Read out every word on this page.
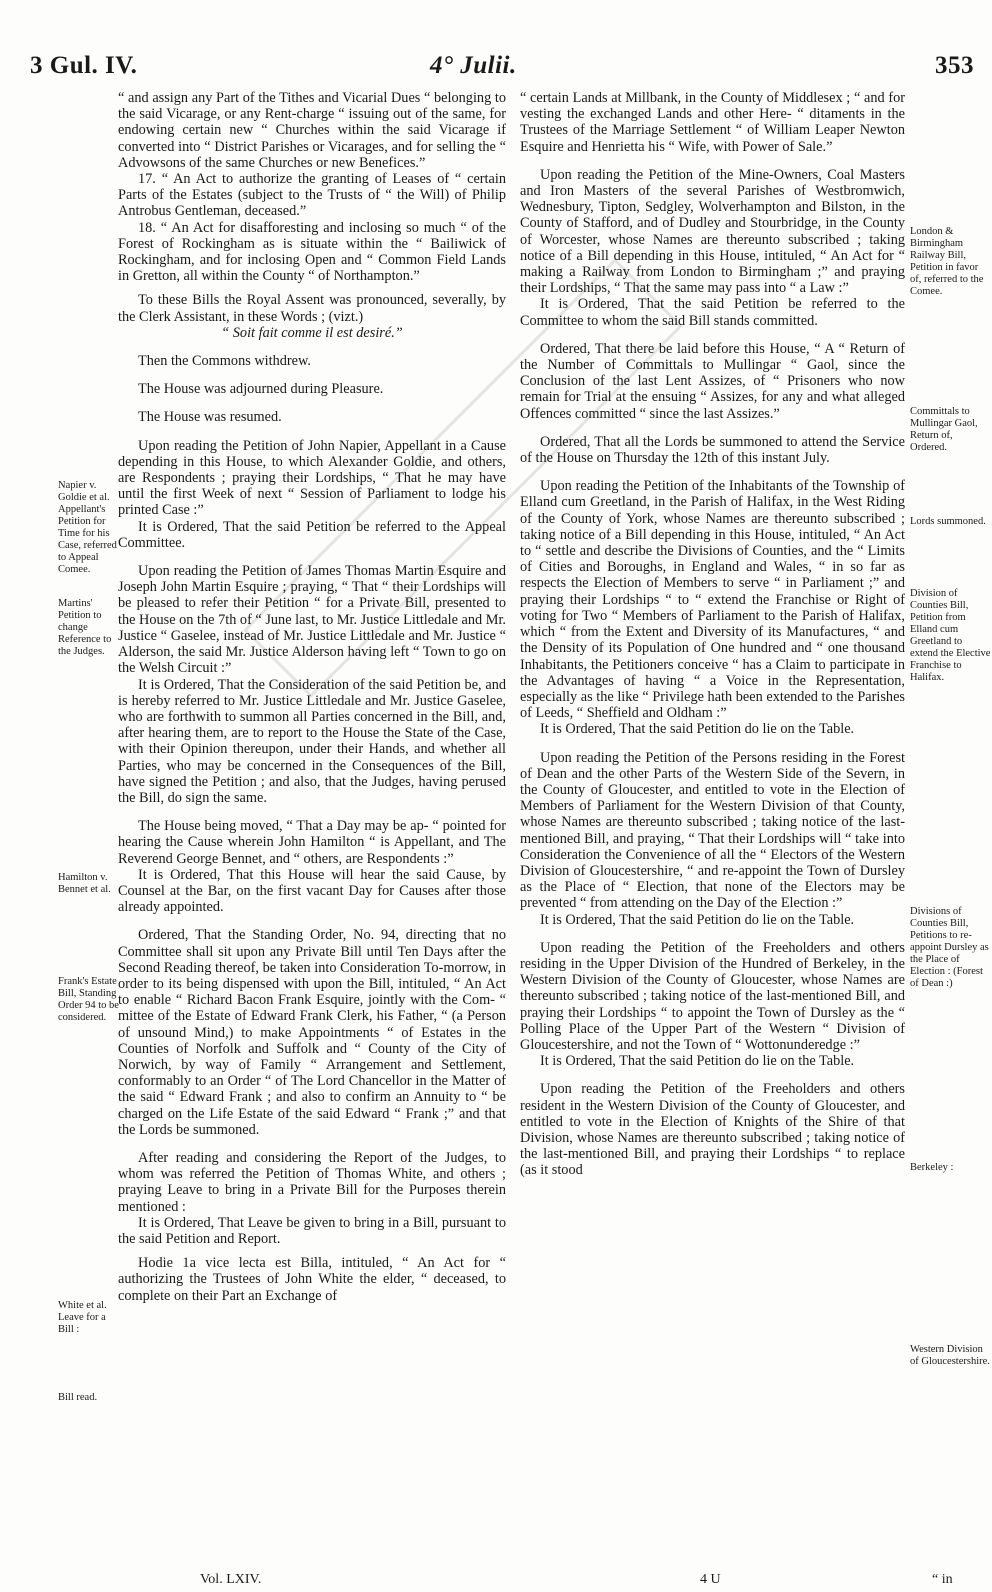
3 Gul. IV.	4° Julii.	353

“ and assign any Part of the Tithes and Vicarial Dues “ belonging to the said Vicarage, or any Rent-charge “ issuing out of the same, for endowing certain new “ Churches within the said Vicarage if converted into “ District Parishes or Vicarages, and for selling the “ Advowsons of the same Churches or new Benefices.”

17. “ An Act to authorize the granting of Leases of “ certain Parts of the Estates (subject to the Trusts of “ the Will) of Philip Antrobus Gentleman, deceased.”

18. “ An Act for disafforesting and inclosing so much “ of the Forest of Rockingham as is situate within the “ Bailiwick of Rockingham, and for inclosing Open and “ Common Field Lands in Gretton, all within the County “ of Northampton.”

To these Bills the Royal Assent was pronounced, severally, by the Clerk Assistant, in these Words ; (vizt.)

“ Soit fait comme il est desiré.”

Then the Commons withdrew.

The House was adjourned during Pleasure.

The House was resumed.

Upon reading the Petition of John Napier, Appellant in a Cause depending in this House, to which Alexander Goldie, and others, are Respondents ; praying their Lordships, “ That he may have until the first Week of next “ Session of Parliament to lodge his printed Case :”

It is Ordered, That the said Petition be referred to the Appeal Committee.

Upon reading the Petition of James Thomas Martin Esquire and Joseph John Martin Esquire ; praying, “ That “ their Lordships will be pleased to refer their Petition “ for a Private Bill, presented to the House on the 7th of “ June last, to Mr. Justice Littledale and Mr. Justice “ Gaselee, instead of Mr. Justice Littledale and Mr. Justice “ Alderson, the said Mr. Justice Alderson having left “ Town to go on the Welsh Circuit :”

It is Ordered, That the Consideration of the said Petition be, and is hereby referred to Mr. Justice Littledale and Mr. Justice Gaselee, who are forthwith to summon all Parties concerned in the Bill, and, after hearing them, are to report to the House the State of the Case, with their Opinion thereupon, under their Hands, and whether all Parties, who may be concerned in the Consequences of the Bill, have signed the Petition ; and also, that the Judges, having perused the Bill, do sign the same.

The House being moved, “ That a Day may be ap- “ pointed for hearing the Cause wherein John Hamilton “ is Appellant, and The Reverend George Bennet, and “ others, are Respondents :”

It is Ordered, That this House will hear the said Cause, by Counsel at the Bar, on the first vacant Day for Causes after those already appointed.

Ordered, That the Standing Order, No. 94, directing that no Committee shall sit upon any Private Bill until Ten Days after the Second Reading thereof, be taken into Consideration To-morrow, in order to its being dispensed with upon the Bill, intituled, “ An Act to enable “ Richard Bacon Frank Esquire, jointly with the Com- “ mittee of the Estate of Edward Frank Clerk, his Father, “ (a Person of unsound Mind,) to make Appointments “ of Estates in the Counties of Norfolk and Suffolk and “ County of the City of Norwich, by way of Family “ Arrangement and Settlement, conformably to an Order “ of The Lord Chancellor in the Matter of the said “ Edward Frank ; and also to confirm an Annuity to “ be charged on the Life Estate of the said Edward “ Frank ;” and that the Lords be summoned.

After reading and considering the Report of the Judges, to whom was referred the Petition of Thomas White, and others ; praying Leave to bring in a Private Bill for the Purposes therein mentioned :

It is Ordered, That Leave be given to bring in a Bill, pursuant to the said Petition and Report.

Hodie 1a vice lecta est Billa, intituled, “ An Act for “ authorizing the Trustees of John White the elder, “ deceased, to complete on their Part an Exchange of

“ certain Lands at Millbank, in the County of Middlesex ; “ and for vesting the exchanged Lands and other Here- “ ditaments in the Trustees of the Marriage Settlement “ of William Leaper Newton Esquire and Henrietta his “ Wife, with Power of Sale.”

Upon reading the Petition of the Mine-Owners, Coal Masters and Iron Masters of the several Parishes of Westbromwich, Wednesbury, Tipton, Sedgley, Wolverhampton and Bilston, in the County of Stafford, and of Dudley and Stourbridge, in the County of Worcester, whose Names are thereunto subscribed ; taking notice of a Bill depending in this House, intituled, “ An Act for “ making a Railway from London to Birmingham ;” and praying their Lordships, “ That the same may pass into “ a Law :”

It is Ordered, That the said Petition be referred to the Committee to whom the said Bill stands committed.

Ordered, That there be laid before this House, “ A “ Return of the Number of Committals to Mullingar “ Gaol, since the Conclusion of the last Lent Assizes, of “ Prisoners who now remain for Trial at the ensuing “ Assizes, for any and what alleged Offences committed “ since the last Assizes.”

Ordered, That all the Lords be summoned to attend the Service of the House on Thursday the 12th of this instant July.

Upon reading the Petition of the Inhabitants of the Township of Elland cum Greetland, in the Parish of Halifax, in the West Riding of the County of York, whose Names are thereunto subscribed ; taking notice of a Bill depending in this House, intituled, “ An Act to “ settle and describe the Divisions of Counties, and the “ Limits of Cities and Boroughs, in England and Wales, “ in so far as respects the Election of Members to serve “ in Parliament ;” and praying their Lordships “ to “ extend the Franchise or Right of voting for Two “ Members of Parliament to the Parish of Halifax, which “ from the Extent and Diversity of its Manufactures, “ and the Density of its Population of One hundred and “ one thousand Inhabitants, the Petitioners conceive “ has a Claim to participate in the Advantages of having “ a Voice in the Representation, especially as the like “ Privilege hath been extended to the Parishes of Leeds, “ Sheffield and Oldham :”

It is Ordered, That the said Petition do lie on the Table.

Upon reading the Petition of the Persons residing in the Forest of Dean and the other Parts of the Western Side of the Severn, in the County of Gloucester, and entitled to vote in the Election of Members of Parliament for the Western Division of that County, whose Names are thereunto subscribed ; taking notice of the last-mentioned Bill, and praying, “ That their Lordships will “ take into Consideration the Convenience of all the “ Electors of the Western Division of Gloucestershire, “ and re-appoint the Town of Dursley as the Place of “ Election, that none of the Electors may be prevented “ from attending on the Day of the Election :”

It is Ordered, That the said Petition do lie on the Table.

Upon reading the Petition of the Freeholders and others residing in the Upper Division of the Hundred of Berkeley, in the Western Division of the County of Gloucester, whose Names are thereunto subscribed ; taking notice of the last-mentioned Bill, and praying their Lordships “ to appoint the Town of Dursley as the “ Polling Place of the Upper Part of the Western “ Division of Gloucestershire, and not the Town of “ Wottonunderedge :”

It is Ordered, That the said Petition do lie on the Table.

Upon reading the Petition of the Freeholders and others resident in the Western Division of the County of Gloucester, and entitled to vote in the Election of Knights of the Shire of that Division, whose Names are thereunto subscribed ; taking notice of the last-mentioned Bill, and praying their Lordships “ to replace (as it stood

Napier v. Goldie et al. Appellant's Petition for Time for his Case, referred to Appeal Comee.
Martins' Petition to change Reference to the Judges.
Hamilton v. Bennet et al.
Frank's Estate Bill, Standing Order 94 to be considered.
White et al. Leave for a Bill :
Bill read.
London & Birmingham Railway Bill, Petition in favor of, referred to the Comee.
Committals to Mullingar Gaol, Return of, Ordered.
Lords summoned.
Division of Counties Bill, Petition from Elland cum Greetland to extend the Elective Franchise to Halifax.
Divisions of Counties Bill, Petitions to re-appoint Dursley as the Place of Election : (Forest of Dean :)
Berkeley :
Western Division of Gloucestershire.
Vol. LXIV.	4 U	“ in
